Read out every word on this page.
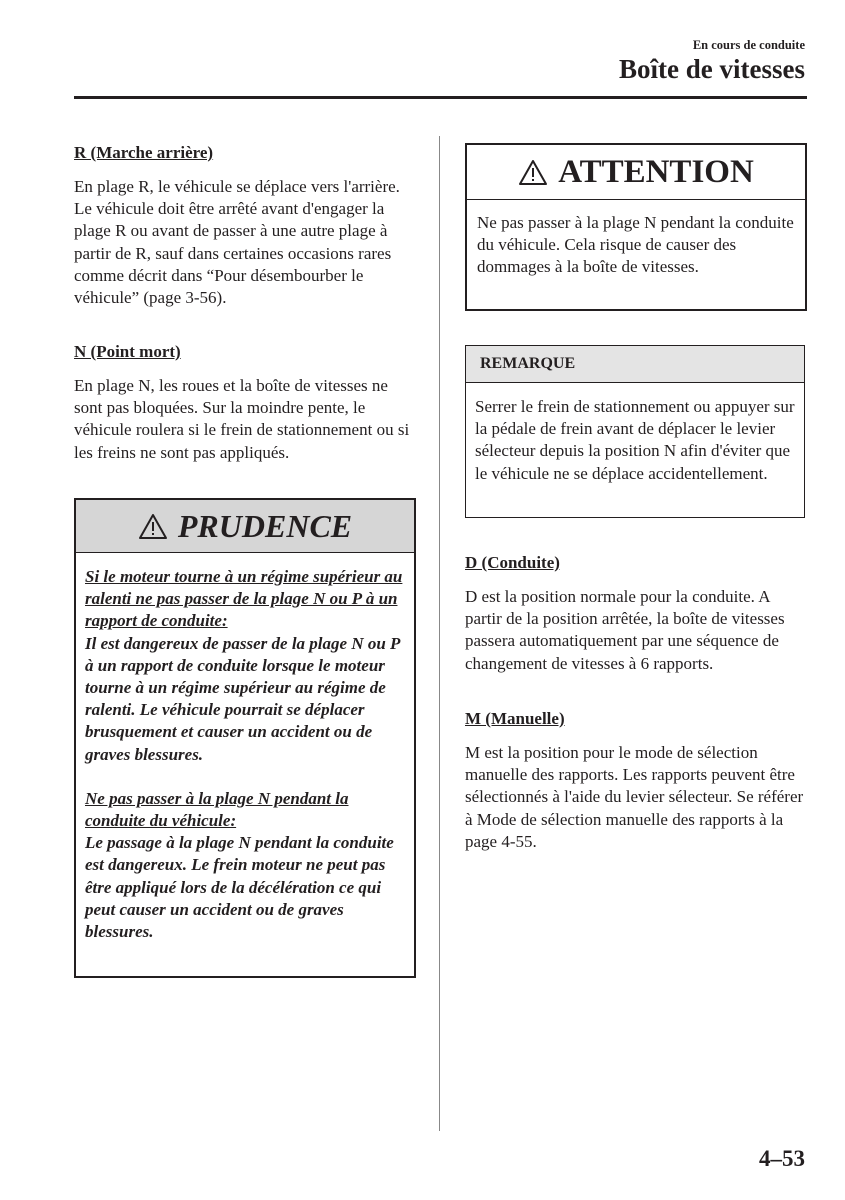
En cours de conduite
Boîte de vitesses

R (Marche arrière)

En plage R, le véhicule se déplace vers l'arrière. Le véhicule doit être arrêté avant d'engager la plage R ou avant de passer à une autre plage à partir de R, sauf dans certaines occasions rares comme décrit dans “Pour désembourber le véhicule” (page 3-56).

N (Point mort)

En plage N, les roues et la boîte de vitesses ne sont pas bloquées. Sur la moindre pente, le véhicule roulera si le frein de stationnement ou si les freins ne sont pas appliqués.

PRUDENCE
Si le moteur tourne à un régime supérieur au ralenti ne pas passer de la plage N ou P à un rapport de conduite:
Il est dangereux de passer de la plage N ou P à un rapport de conduite lorsque le moteur tourne à un régime supérieur au régime de ralenti. Le véhicule pourrait se déplacer brusquement et causer un accident ou de graves blessures.
Ne pas passer à la plage N pendant la conduite du véhicule:
Le passage à la plage N pendant la conduite est dangereux. Le frein moteur ne peut pas être appliqué lors de la décélération ce qui peut causer un accident ou de graves blessures.
ATTENTION
Ne pas passer à la plage N pendant la conduite du véhicule. Cela risque de causer des dommages à la boîte de vitesses.
REMARQUE
Serrer le frein de stationnement ou appuyer sur la pédale de frein avant de déplacer le levier sélecteur depuis la position N afin d'éviter que le véhicule ne se déplace accidentellement.

D (Conduite)

D est la position normale pour la conduite. A partir de la position arrêtée, la boîte de vitesses passera automatiquement par une séquence de changement de vitesses à 6 rapports.

M (Manuelle)

M est la position pour le mode de sélection manuelle des rapports. Les rapports peuvent être sélectionnés à l'aide du levier sélecteur. Se référer à Mode de sélection manuelle des rapports à la page 4-55.

4–53
